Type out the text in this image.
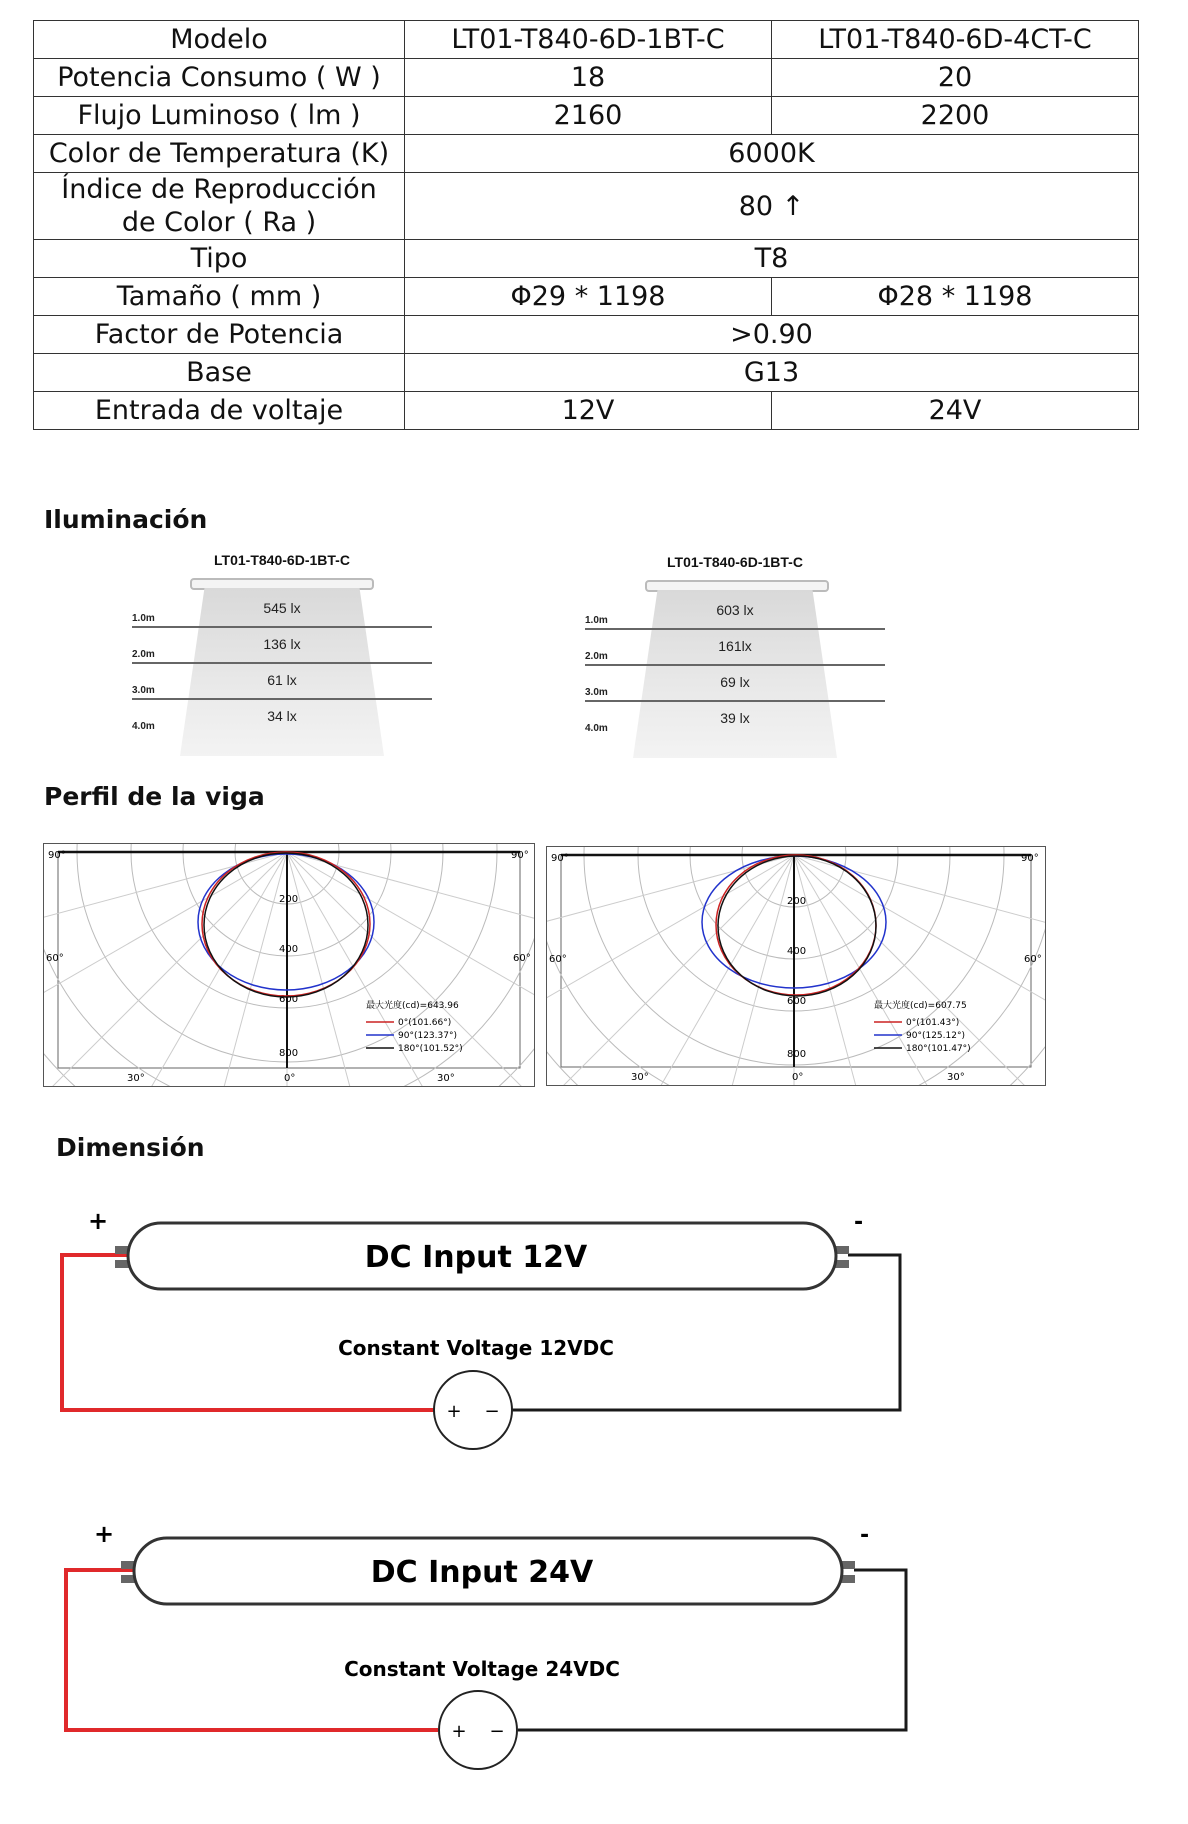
Modelo	LT01-T840-6D-1BT-C	LT01-T840-6D-4CT-C
Potencia Consumo ( W )	18	20
Flujo Luminoso ( lm )	2160	2200
Color de Temperatura (K)	6000K	

Índice de Reproducción
de Color ( Ra )	80 ↑	
Tipo	T8	
Tamaño ( mm )	Φ29 * 1198	Φ28 * 1198
Factor de Potencia	>0.90	
Base	G13	
Entrada de voltaje	12V	24V
Iluminación
LT01-T840-6D-1BT-C
1.0m
545 lx
2.0m
136 lx
3.0m
61 lx
4.0m
34 lx
LT01-T840-6D-1BT-C
1.0m
603 lx
2.0m
161lx
3.0m
69 lx
4.0m
39 lx
Perfil de la viga
90°	90°
60°	60°
30°	0°	30°
200
400
600
800
最大光度(cd)=643.96
0°(101.66°)
90°(123.37°)
180°(101.52°)
90°	90°
60°	60°
30°	0°	30°
200
400
600
800
最大光度(cd)=607.75
0°(101.43°)
90°(125.12°)
180°(101.47°)
Dimensión
+	-
DC Input 12V
Constant Voltage 12VDC
+ −
+	-
DC Input 24V
Constant Voltage 24VDC
+ −
